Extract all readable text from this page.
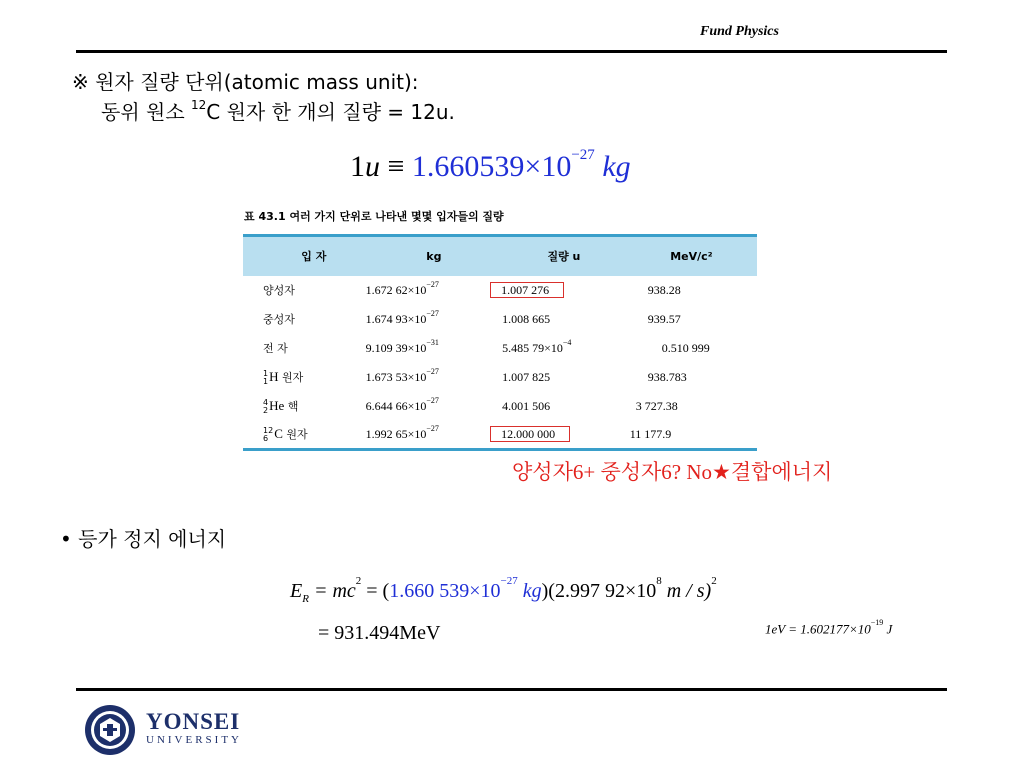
Fund Physics
※ 원자 질량 단위(atomic mass unit):
동위 원소 $^{12}$C 원자 한 개의 질량 = 12u.
$1u \equiv 1.660539\times 10^{-27}$ kg
표 43.1 여러 가지 단위로 나타낸 몇몇 입자들의 질량
입 자	kg	질량 u	MeV/c²
양성자	1.672 $62\times 10^{-27}$	1.007 276	938.28
중성자	1.674 $93\times 10^{-27}$	1.008 665	939.57
전 자	9.109 $39\times 10^{-31}$	5.485 $79\times 10^{-4}$	0.510 999
1
1H 원자	1.673 $53\times 10^{-27}$	1.007 825	938.783
4
2He 핵	6.644 $66\times 10^{-27}$	4.001 506	3 727.38
12
6 C 원자	1.992 $65\times 10^{-27}$	12.000 000	11 177.9
양성자6+ 중성자6? No★결합에너지
• 등가 정지 에너지
$E_R = mc^2 = (1.660$ $539\times 10^{-27}$ kg)(2.997 $92\times 10^8$ m / s)$^2$
= 931.494MeV	$1eV = 1.602177\times 10^{-19}$ J
YONSEI
UNIVERSITY
